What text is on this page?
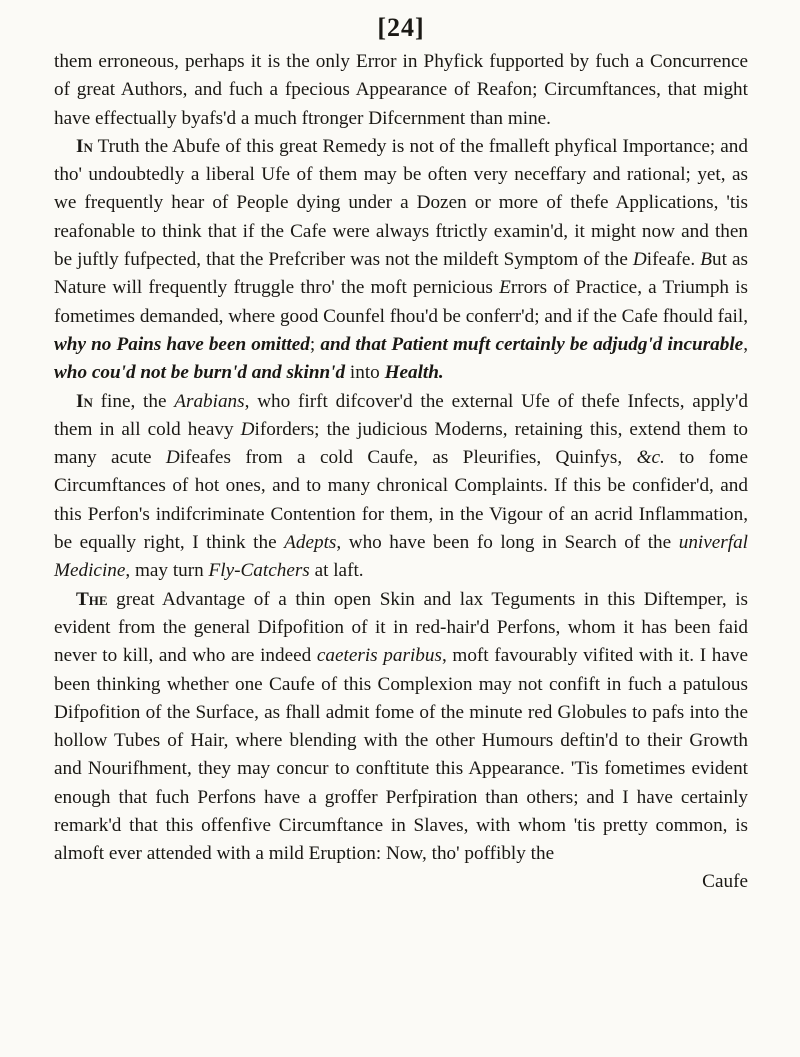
[24]

them erroneous, perhaps it is the only Error in Phyfick fupported by fuch a Concurrence of great Authors, and fuch a fpecious Appearance of Reafon; Circumftances, that might have effectually byafs'd a much ftronger Difcernment than mine.

In Truth the Abufe of this great Remedy is not of the fmalleft phyfical Importance; and tho' undoubtedly a liberal Ufe of them may be often very neceffary and rational; yet, as we frequently hear of People dying under a Dozen or more of thefe Applications, 'tis reafonable to think that if the Cafe were always ftrictly examin'd, it might now and then be juftly fufpected, that the Prefcriber was not the mildeft Symptom of the Difeafe. But as Nature will frequently ftruggle thro' the moft pernicious Errors of Practice, a Triumph is fometimes demanded, where good Counfel fhou'd be conferr'd; and if the Cafe fhould fail, why no Pains have been omitted; and that Patient muft certainly be adjudg'd incurable, who cou'd not be burn'd and skinn'd into Health.

In fine, the Arabians, who firft difcover'd the external Ufe of thefe Infects, apply'd them in all cold heavy Diforders; the judicious Moderns, retaining this, extend them to many acute Difeafes from a cold Caufe, as Pleurifies, Quinfys, &c. to fome Circumftances of hot ones, and to many chronical Complaints. If this be confider'd, and this Perfon's indifcriminate Contention for them, in the Vigour of an acrid Inflammation, be equally right, I think the Adepts, who have been fo long in Search of the univerfal Medicine, may turn Fly-Catchers at laft.

The great Advantage of a thin open Skin and lax Teguments in this Diftemper, is evident from the general Difpofition of it in red-hair'd Perfons, whom it has been faid never to kill, and who are indeed caeteris paribus, moft favourably vifited with it. I have been thinking whether one Caufe of this Complexion may not confift in fuch a patulous Difpofition of the Surface, as fhall admit fome of the minute red Globules to pafs into the hollow Tubes of Hair, where blending with the other Humours deftin'd to their Growth and Nourifhment, they may concur to conftitute this Appearance. 'Tis fometimes evident enough that fuch Perfons have a groffer Perfpiration than others; and I have certainly remark'd that this offenfive Circumftance in Slaves, with whom 'tis pretty common, is almoft ever attended with a mild Eruption: Now, tho' poffibly the

Caufe
